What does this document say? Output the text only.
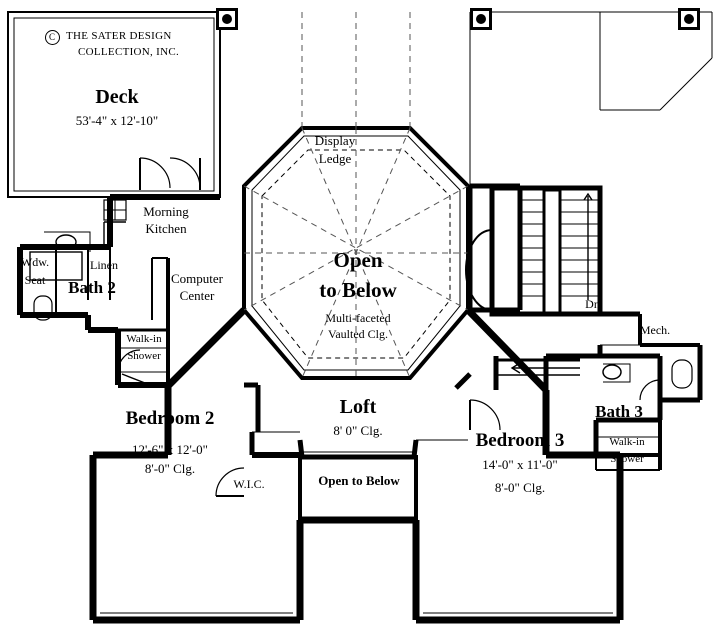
C	THE SATER DESIGN
COLLECTION, INC.
Deck
53'-4" x 12'-10"
Display
Ledge
Open
to Below
Multi-faceted
Vaulted Clg.
Morning
Kitchen
Linen
Wdw.
Seat	Bath 2	Computer
Center
Walk-in
Shower
Dn.
Mech.
Bedroom 2
12'-6" x 12'-0"
8'-0" Clg.
Loft
8' 0" Clg.
W.I.C.	Open to Below
Bedroom 3
14'-0" x 11'-0"
8'-0" Clg.
Bath 3
Walk-in
Shower
